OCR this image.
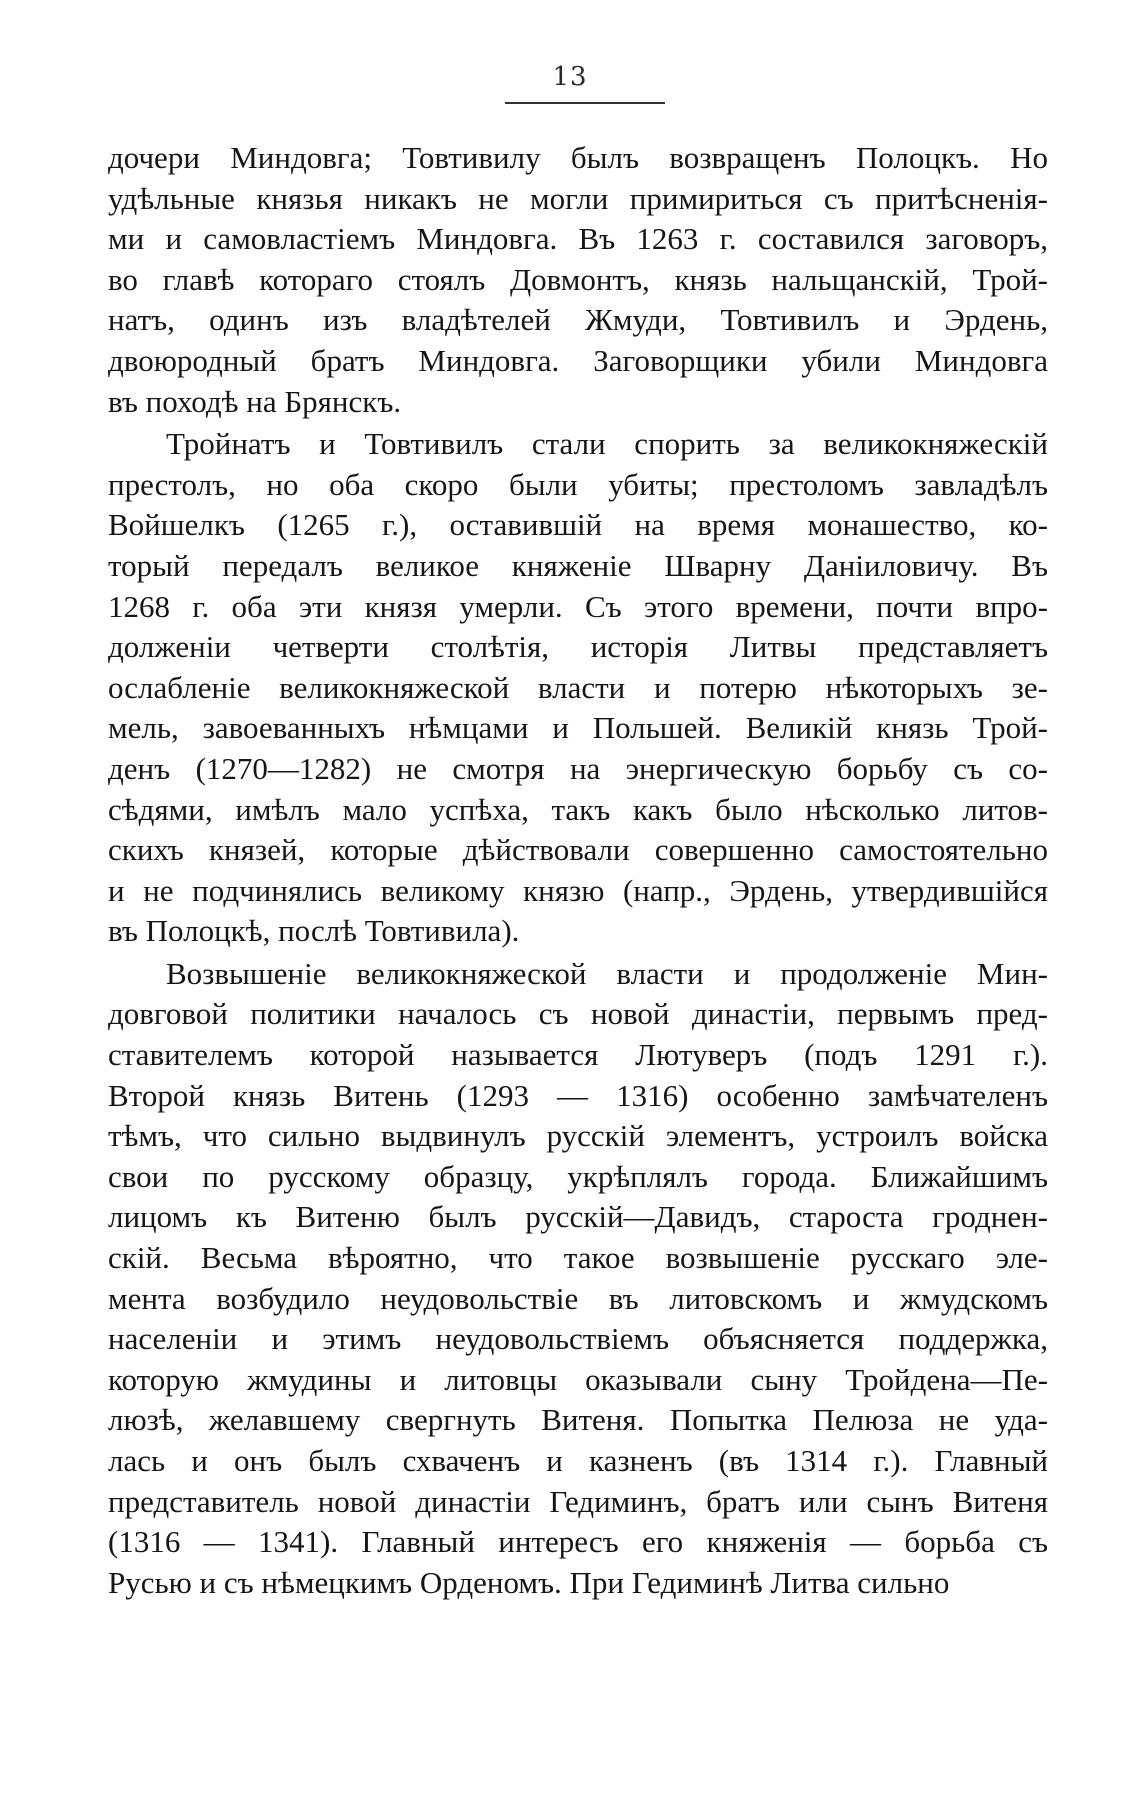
13
дочери Миндовга; Товтивилу былъ возвращенъ Полоцкъ. Но
удѣльные князья никакъ не могли примириться съ притѣсненія-
ми и самовластіемъ Миндовга. Въ 1263 г. составился заговоръ,
во главѣ котораго стоялъ Довмонтъ, князь нальщанскій, Трой-
натъ, одинъ изъ владѣтелей Жмуди, Товтивилъ и Эрдень,
двоюродный братъ Миндовга. Заговорщики убили Миндовга
въ походѣ на Брянскъ.
Тройнатъ и Товтивилъ стали спорить за великокняжескій
престолъ, но оба скоро были убиты; престоломъ завладѣлъ
Войшелкъ (1265 г.), оставившій на время монашество, ко-
торый передалъ великое княженіе Шварну Даніиловичу. Въ
1268 г. оба эти князя умерли. Съ этого времени, почти впро-
долженіи четверти столѣтія, исторія Литвы представляетъ
ослабленіе великокняжеской власти и потерю нѣкоторыхъ зе-
мель, завоеванныхъ нѣмцами и Польшей. Великій князь Трой-
денъ (1270—1282) не смотря на энергическую борьбу съ со-
сѣдями, имѣлъ мало успѣха, такъ какъ было нѣсколько литов-
скихъ князей, которые дѣйствовали совершенно самостоятельно
и не подчинялись великому князю (напр., Эрдень, утвердившійся
въ Полоцкѣ, послѣ Товтивила).
Возвышеніе великокняжеской власти и продолженіе Мин-
довговой политики началось съ новой династіи, первымъ пред-
ставителемъ которой называется Лютуверъ (подъ 1291 г.).
Второй князь Витень (1293 — 1316) особенно замѣчателенъ
тѣмъ, что сильно выдвинулъ русскій элементъ, устроилъ войска
свои по русскому образцу, укрѣплялъ города. Ближайшимъ
лицомъ къ Витеню былъ русскій—Давидъ, староста гроднен-
скій. Весьма вѣроятно, что такое возвышеніе русскаго эле-
мента возбудило неудовольствіе въ литовскомъ и жмудскомъ
населеніи и этимъ неудовольствіемъ объясняется поддержка,
которую жмудины и литовцы оказывали сыну Тройдена—Пе-
люзѣ, желавшему свергнуть Витеня. Попытка Пелюза не уда-
лась и онъ былъ схваченъ и казненъ (въ 1314 г.). Главный
представитель новой династіи Гедиминъ, братъ или сынъ Витеня
(1316 — 1341). Главный интересъ его княженія — борьба съ
Русью и съ нѣмецкимъ Орденомъ. При Гедиминѣ Литва сильно
